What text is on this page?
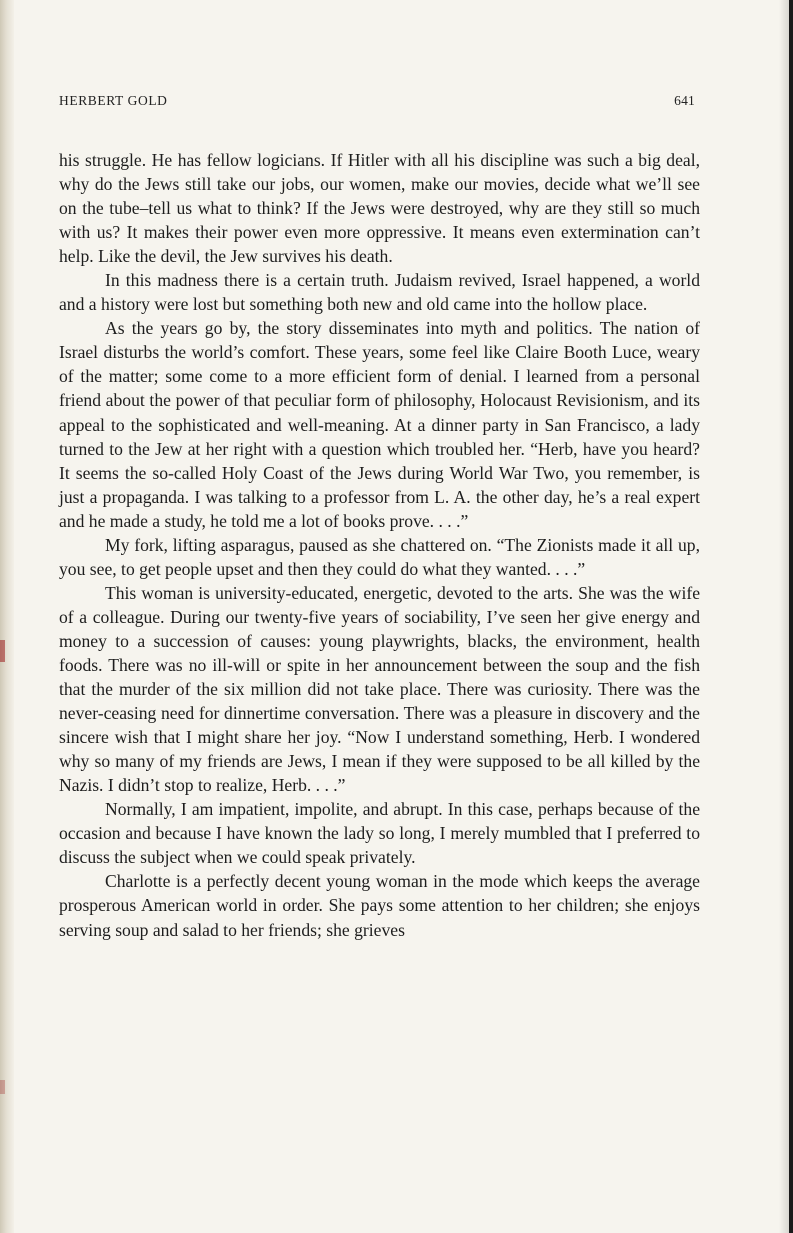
HERBERT GOLD	641

his struggle. He has fellow logicians. If Hitler with all his discipline was such a big deal, why do the Jews still take our jobs, our women, make our movies, decide what we’ll see on the tube–tell us what to think? If the Jews were destroyed, why are they still so much with us? It makes their power even more oppressive. It means even extermination can’t help. Like the devil, the Jew survives his death.

In this madness there is a certain truth. Judaism revived, Israel happened, a world and a history were lost but something both new and old came into the hollow place.

As the years go by, the story disseminates into myth and politics. The nation of Israel disturbs the world’s comfort. These years, some feel like Claire Booth Luce, weary of the matter; some come to a more efficient form of denial. I learned from a personal friend about the power of that peculiar form of philosophy, Holocaust Revisionism, and its appeal to the sophisticated and well-meaning. At a dinner party in San Francisco, a lady turned to the Jew at her right with a question which troubled her. “Herb, have you heard? It seems the so-called Holy Coast of the Jews during World War Two, you remember, is just a propaganda. I was talking to a professor from L. A. the other day, he’s a real expert and he made a study, he told me a lot of books prove. . . .”

My fork, lifting asparagus, paused as she chattered on. “The Zionists made it all up, you see, to get people upset and then they could do what they wanted. . . .”

This woman is university-educated, energetic, devoted to the arts. She was the wife of a colleague. During our twenty-five years of sociability, I’ve seen her give energy and money to a succession of causes: young playwrights, blacks, the environment, health foods. There was no ill-will or spite in her announcement between the soup and the fish that the murder of the six million did not take place. There was curiosity. There was the never-ceasing need for dinnertime conversation. There was a pleasure in discovery and the sincere wish that I might share her joy. “Now I understand something, Herb. I wondered why so many of my friends are Jews, I mean if they were supposed to be all killed by the Nazis. I didn’t stop to realize, Herb. . . .”

Normally, I am impatient, impolite, and abrupt. In this case, perhaps because of the occasion and because I have known the lady so long, I merely mumbled that I preferred to discuss the subject when we could speak privately.

Charlotte is a perfectly decent young woman in the mode which keeps the average prosperous American world in order. She pays some attention to her children; she enjoys serving soup and salad to her friends; she grieves
